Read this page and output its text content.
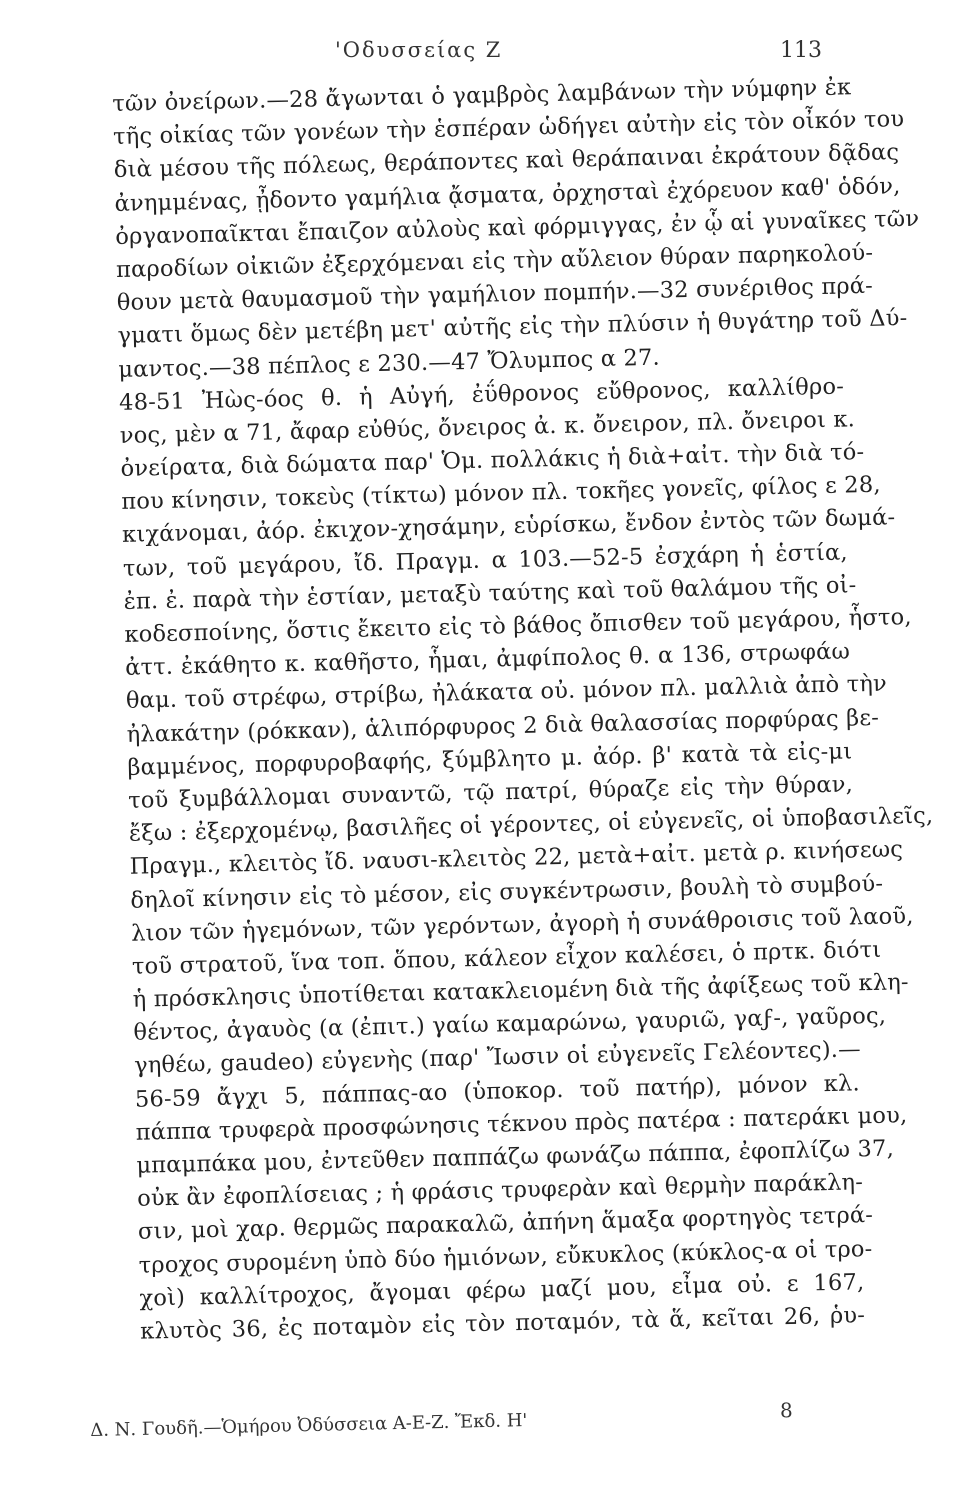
'Οδυσσείας Ζ	113
τῶν ὀνείρων.—28 ἄγωνται ὁ γαμβρὸς λαμβάνων τὴν νύμφην ἐκ
τῆς οἰκίας τῶν γονέων τὴν ἑσπέραν ὡδήγει αὐτὴν εἰς τὸν οἶκόν του
διὰ μέσου τῆς πόλεως, θεράποντες καὶ θεράπαιναι ἐκράτουν δᾷδας
ἀνημμένας, ᾖδοντο γαμήλια ᾄσματα, ὀρχησταὶ ἐχόρευον καθ' ὁδόν,
ὀργανοπαῖκται ἔπαιζον αὐλοὺς καὶ φόρμιγγας, ἐν ᾧ αἱ γυναῖκες τῶν
παροδίων οἰκιῶν ἐξερχόμεναι εἰς τὴν αὔλειον θύραν παρηκολού-
θουν μετὰ θαυμασμοῦ τὴν γαμήλιον πομπήν.—32 συνέριθος πρά-
γματι ὅμως δὲν μετέβη μετ' αὐτῆς εἰς τὴν πλύσιν ἡ θυγάτηρ τοῦ Δύ-
μαντος.—38 πέπλος ε 230.—47 Ὄλυμπος α 27.
48-51 Ἠὼς-όος θ. ἡ Αὐγή, ἐΰθρονος εὔθρονος, καλλίθρο-
νος, μὲν α 71, ἄφαρ εὐθύς, ὄνειρος ἀ. κ. ὄνειρον, πλ. ὄνειροι κ.
ὀνείρατα, διὰ δώματα παρ' Ὁμ. πολλάκις ἡ διὰ+αἰτ. τὴν διὰ τό-
που κίνησιν, τοκεὺς (τίκτω) μόνον πλ. τοκῆες γονεῖς, φίλος ε 28,
κιχάνομαι, ἀόρ. ἐκιχον-χησάμην, εὑρίσκω, ἔνδον ἐντὸς τῶν δωμά-
των, τοῦ μεγάρου, ἴδ. Πραγμ. α 103.—52-5 ἐσχάρη ἡ ἑστία,
ἐπ. ἐ. παρὰ τὴν ἑστίαν, μεταξὺ ταύτης καὶ τοῦ θαλάμου τῆς οἰ-
κοδεσποίνης, ὅστις ἔκειτο εἰς τὸ βάθος ὄπισθεν τοῦ μεγάρου, ἧστο,
ἀττ. ἐκάθητο κ. καθῆστο, ἧμαι, ἀμφίπολος θ. α 136, στρωφάω
θαμ. τοῦ στρέφω, στρίβω, ἠλάκατα οὐ. μόνον πλ. μαλλιὰ ἀπὸ τὴν
ἠλακάτην (ρόκκαν), ἁλιπόρφυρος 2 διὰ θαλασσίας πορφύρας βε-
βαμμένος, πορφυροβαφής, ξύμβλητο μ. ἀόρ. β' κατὰ τὰ εἰς-μι
τοῦ ξυμβάλλομαι συναντῶ, τῷ πατρί, θύραζε εἰς τὴν θύραν,
ἔξω : ἐξερχομένῳ, βασιλῆες οἱ γέροντες, οἱ εὐγενεῖς, οἱ ὑποβασιλεῖς,
Πραγμ., κλειτὸς ἴδ. ναυσι-κλειτὸς 22, μετὰ+αἰτ. μετὰ ρ. κινήσεως
δηλοῖ κίνησιν εἰς τὸ μέσον, εἰς συγκέντρωσιν, βουλὴ τὸ συμβού-
λιον τῶν ἡγεμόνων, τῶν γερόντων, ἀγορὴ ἡ συνάθροισις τοῦ λαοῦ,
τοῦ στρατοῦ, ἵνα τοπ. ὅπου, κάλεον εἶχον καλέσει, ὁ πρτκ. διότι
ἡ πρόσκλησις ὑποτίθεται κατακλειομένη διὰ τῆς ἀφίξεως τοῦ κλη-
θέντος, ἀγαυὸς (α (ἐπιτ.) γαίω καμαρώνω, γαυριῶ, γαϝ-, γαῦρος,
γηθέω, gaudeo) εὐγενὴς (παρ' Ἴωσιν οἱ εὐγενεῖς Γελέοντες).—
56-59 ἄγχι 5, πάππας-αο (ὑποκορ. τοῦ πατήρ), μόνον κλ.
πάππα τρυφερὰ προσφώνησις τέκνου πρὸς πατέρα : πατεράκι μου,
μπαμπάκα μου, ἐντεῦθεν παππάζω φωνάζω πάππα, ἐφοπλίζω 37,
οὐκ ἂν ἐφοπλίσειας ; ἡ φράσις τρυφερὰν καὶ θερμὴν παράκλη-
σιν, μοὶ χαρ. θερμῶς παρακαλῶ, ἀπήνη ἅμαξα φορτηγὸς τετρά-
τροχος συρομένη ὑπὸ δύο ἡμιόνων, εὔκυκλος (κύκλος-α οἱ τρο-
χοὶ) καλλίτροχος, ἄγομαι φέρω μαζί μου, εἶμα οὐ. ε 167,
κλυτὸς 36, ἐς ποταμὸν εἰς τὸν ποταμόν, τὰ ἅ, κεῖται 26, ῥυ-
Δ. Ν. Γουδῆ.—Ὁμήρου Ὀδύσσεια Α-Ε-Ζ. Ἔκδ. Η'	8
